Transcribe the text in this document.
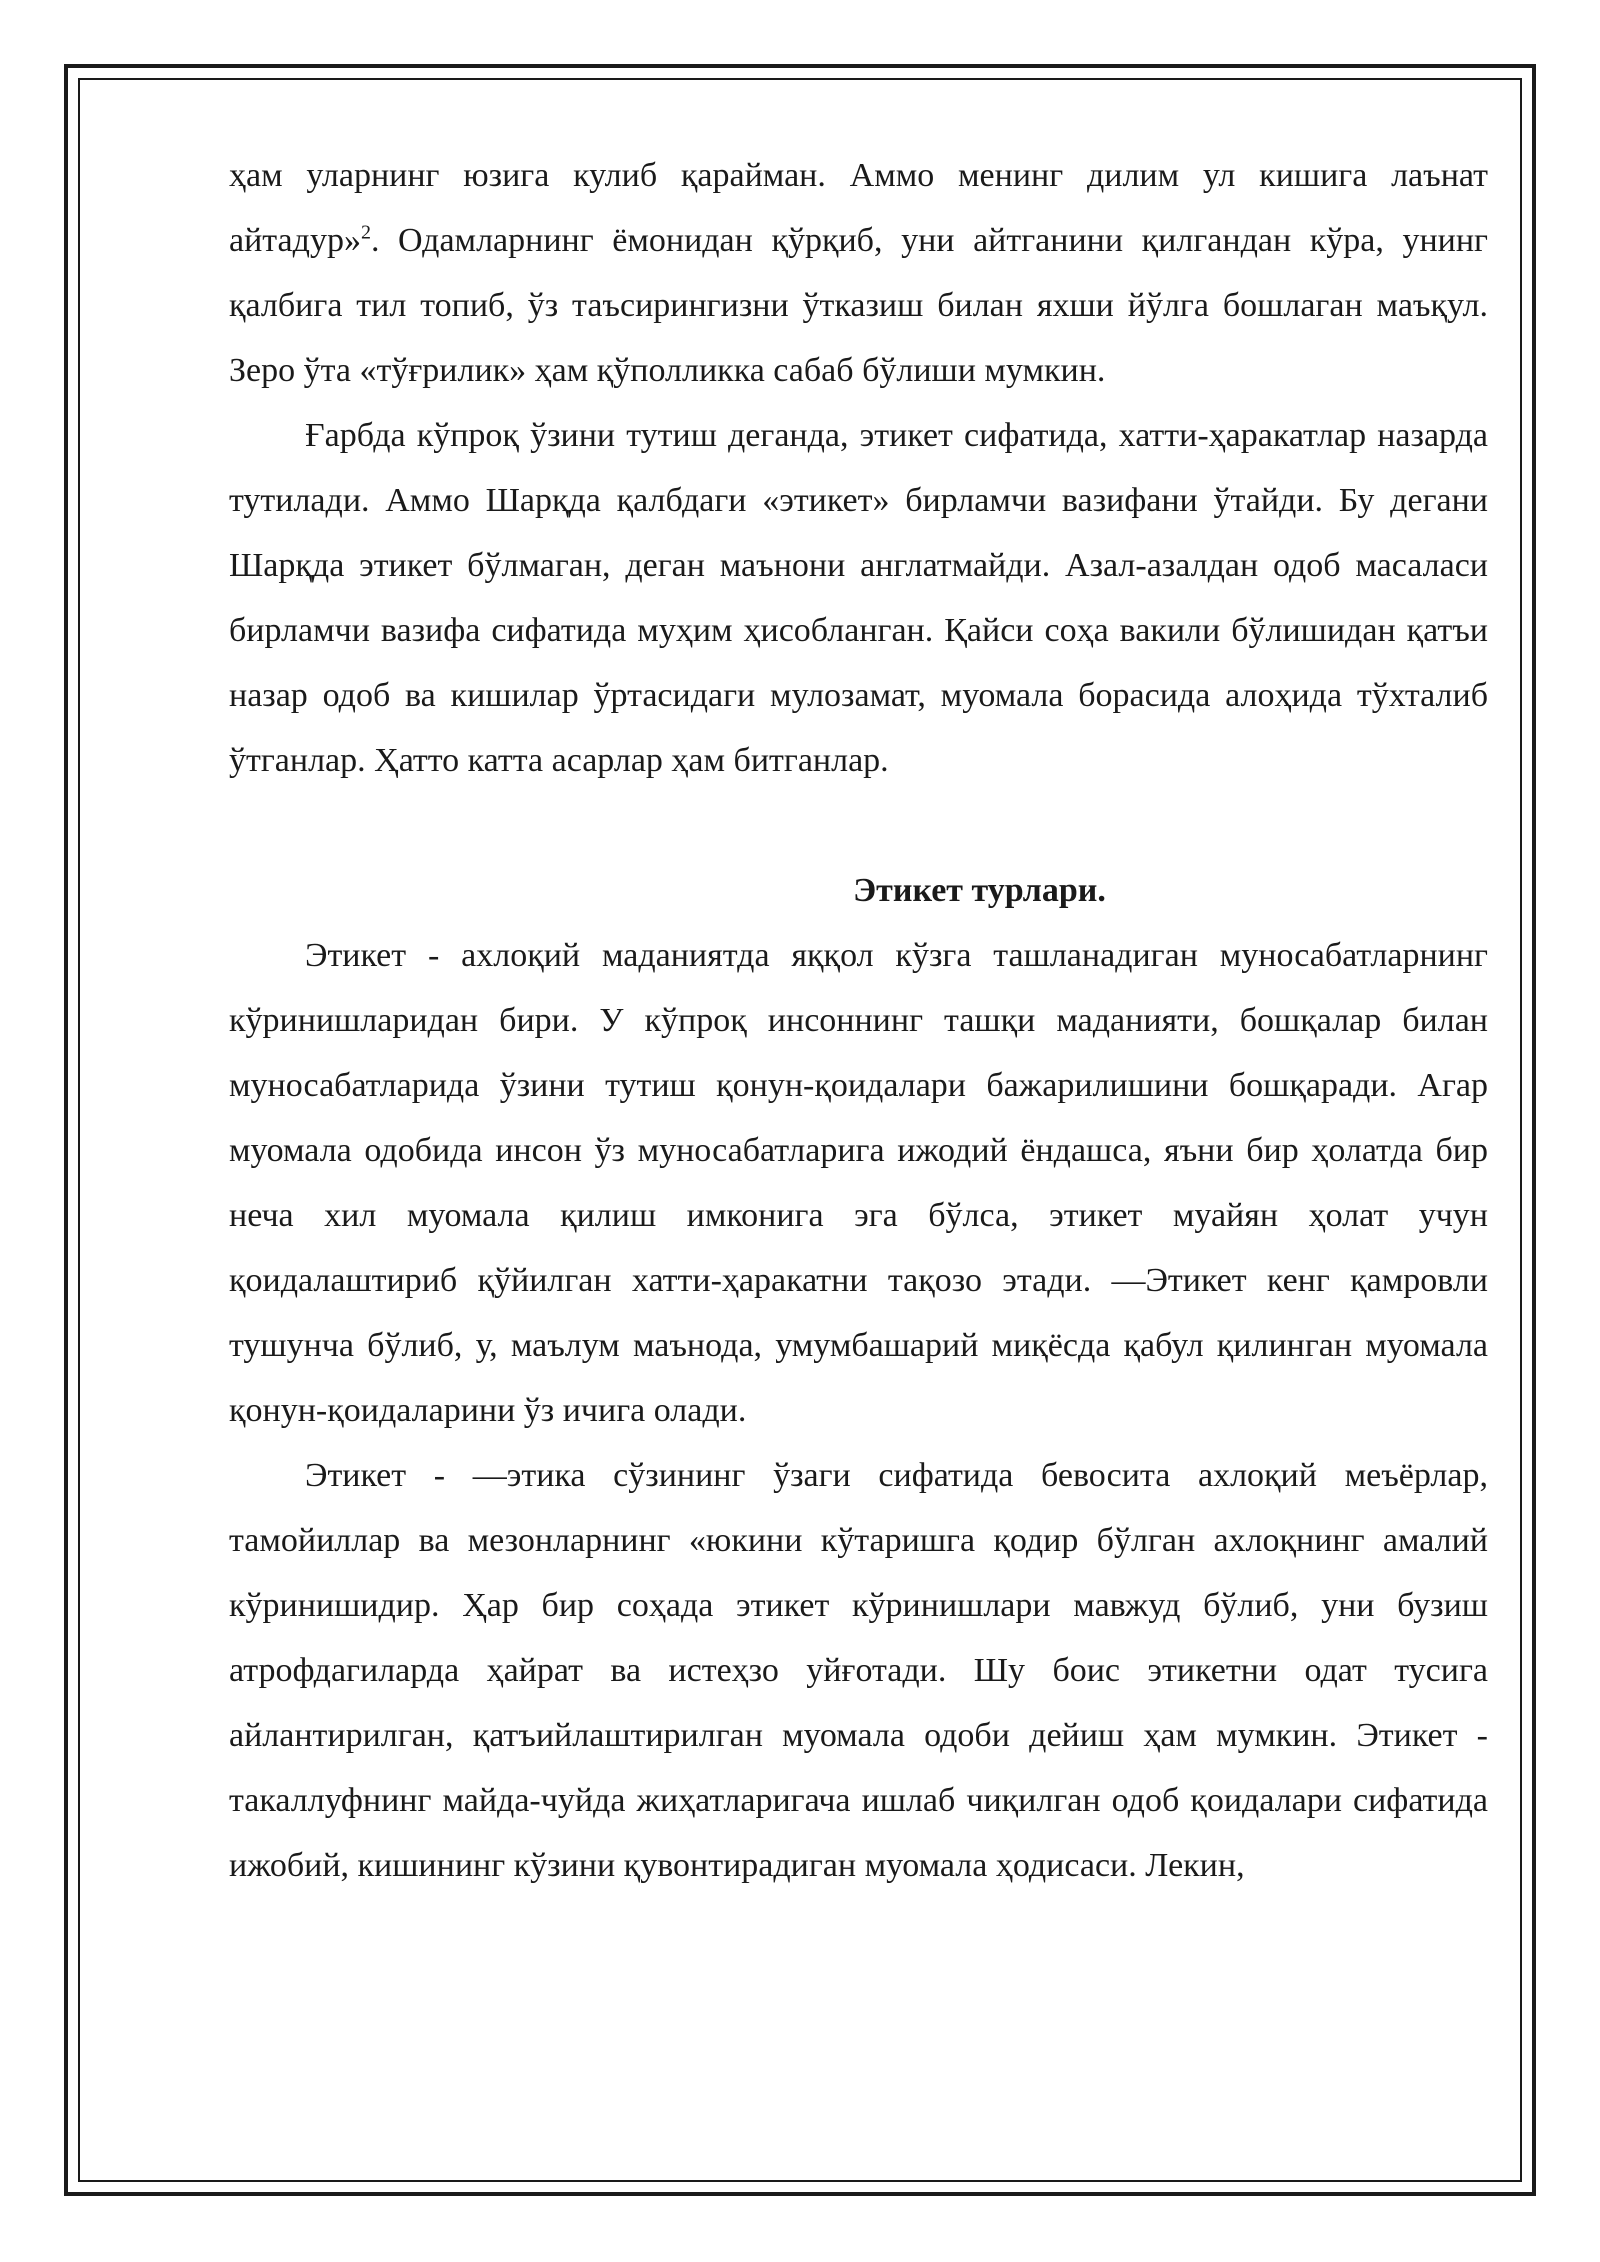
ҳам уларнинг юзига кулиб қарайман. Аммо менинг дилим ул кишига лаънат айтадур»$^2$. Одамларнинг ёмонидан қўрқиб, уни айтганини қилгандан кўра, унинг қалбига тил топиб, ўз таъсирингизни ўтказиш билан яхши йўлга бошлаган маъқул. Зеро ўта «тўғрилик» ҳам қўполликка сабаб бўлиши мумкин.

Ғарбда кўпроқ ўзини тутиш деганда, этикет сифатида, хатти-ҳаракатлар назарда тутилади. Аммо Шарқда қалбдаги «этикет» бирламчи вазифани ўтайди. Бу дегани Шарқда этикет бўлмаган, деган маънони англатмайди. Азал-азалдан одоб масаласи бирламчи вазифа сифатида муҳим ҳисобланган. Қайси соҳа вакили бўлишидан қатъи назар одоб ва кишилар ўртасидаги мулозамат, муомала борасида алоҳида тўхталиб ўтганлар. Ҳатто катта асарлар ҳам битганлар.

Этикет турлари.

Этикет - ахлоқий маданиятда яққол кўзга ташланадиган муносабатларнинг кўринишларидан бири. У кўпроқ инсоннинг ташқи маданияти, бошқалар билан муносабатларида ўзини тутиш қонун-қоидалари бажарилишини бошқаради. Агар муомала одобида инсон ўз муносабатларига ижодий ёндашса, яъни бир ҳолатда бир неча хил муомала қилиш имконига эга бўлса, этикет муайян ҳолат учун қоидалаштириб қўйилган хатти-ҳаракатни тақозо этади. ―Этикет кенг қамровли тушунча бўлиб, у, маълум маънода, умумбашарий миқёсда қабул қилинган муомала қонун-қоидаларини ўз ичига олади.

Этикет - ―этика сўзининг ўзаги сифатида бевосита ахлоқий меъёрлар, тамойиллар ва мезонларнинг «юкини кўтаришга қодир бўлган ахлоқнинг амалий кўринишидир. Ҳар бир соҳада этикет кўринишлари мавжуд бўлиб, уни бузиш атрофдагиларда ҳайрат ва истеҳзо уйғотади. Шу боис этикетни одат тусига айлантирилган, қатъийлаштирилган муомала одоби дейиш ҳам мумкин. Этикет - такаллуфнинг майда-чуйда жиҳатларигача ишлаб чиқилган одоб қоидалари сифатида ижобий, кишининг кўзини қувонтирадиган муомала ҳодисаси. Лекин,
